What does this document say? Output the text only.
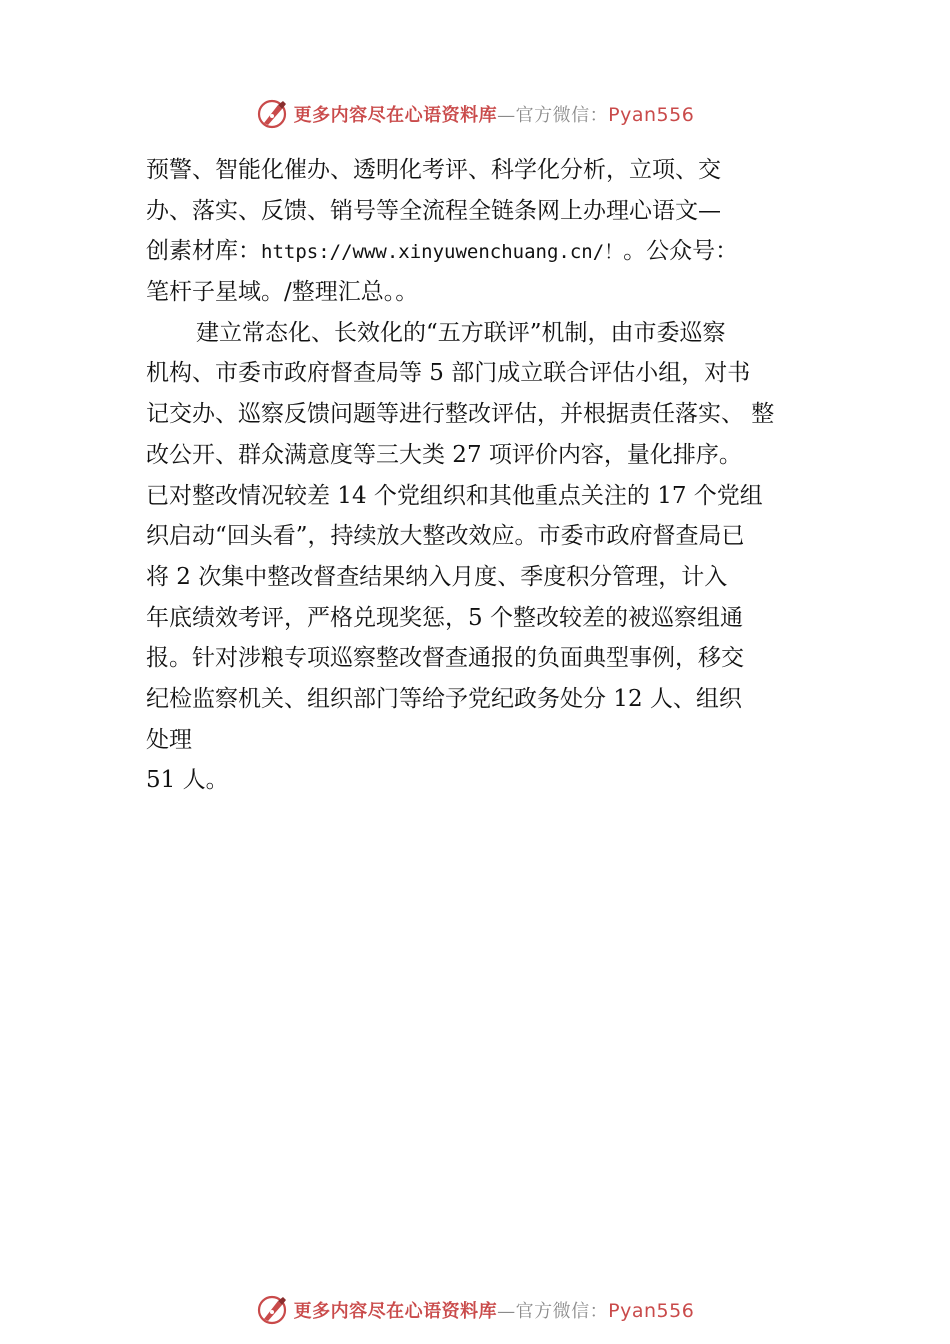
更多内容尽在心语资料库—官方微信：Pyan556
预警、智能化催办、透明化考评、科学化分析，立项、交
办、落实、反馈、销号等全流程全链条网上办理心语文—
创素材库：https://www.xinyuwenchuang.cn/！。公众号：
笔杆子星域。/整理汇总。。
建立常态化、长效化的“五方联评”机制，由市委巡察
机构、市委市政府督查局等 5 部门成立联合评估小组，对书
记交办、巡察反馈问题等进行整改评估，并根据责任落实、 整
改公开、群众满意度等三大类 27 项评价内容，量化排序。
已对整改情况较差 14 个党组织和其他重点关注的 17 个党组
织启动“回头看”，持续放大整改效应。市委市政府督查局已
将 2 次集中整改督查结果纳入月度、季度积分管理，计入
年底绩效考评，严格兑现奖惩，5 个整改较差的被巡察组通
报。针对涉粮专项巡察整改督查通报的负面典型事例，移交
纪检监察机关、组织部门等给予党纪政务处分 12 人、组织
处理
51 人。
更多内容尽在心语资料库—官方微信：Pyan556
